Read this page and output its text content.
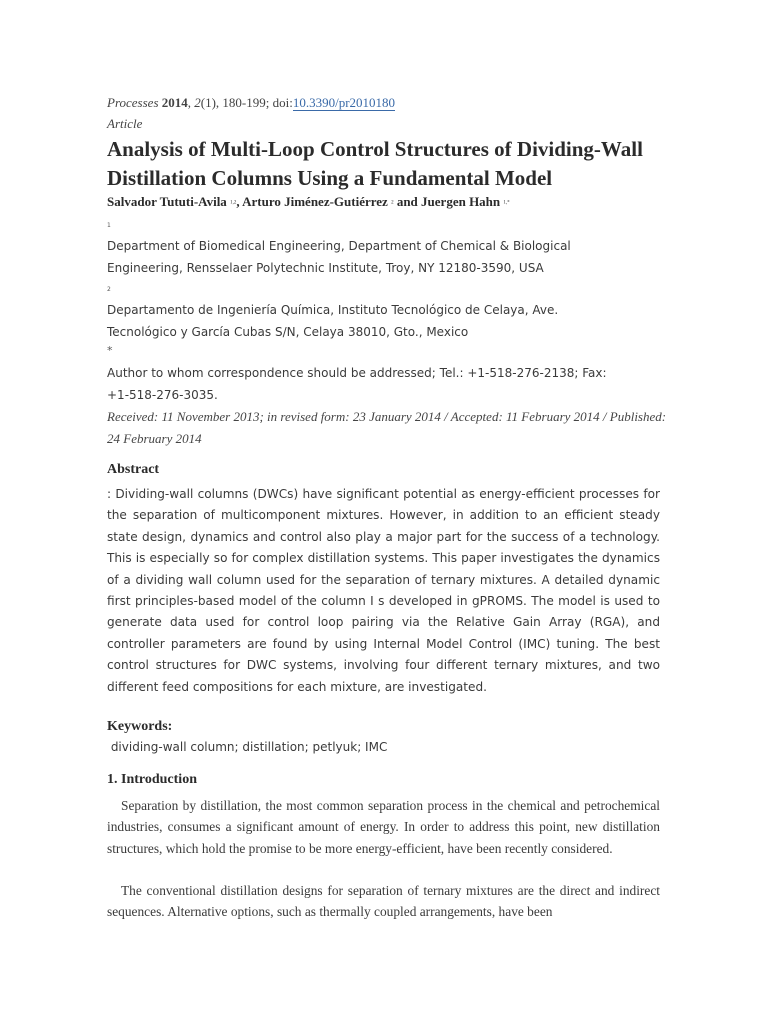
Processes 2014, 2(1), 180-199; doi:10.3390/pr2010180
Article
Analysis of Multi-Loop Control Structures of Dividing-Wall Distillation Columns Using a Fundamental Model
Salvador Tututi-Avila 1,2, Arturo Jiménez-Gutiérrez 2 and Juergen Hahn 1,*
1
Department of Biomedical Engineering, Department of Chemical & Biological Engineering, Rensselaer Polytechnic Institute, Troy, NY 12180-3590, USA
2
Departamento de Ingeniería Química, Instituto Tecnológico de Celaya, Ave. Tecnológico y García Cubas S/N, Celaya 38010, Gto., Mexico
*
Author to whom correspondence should be addressed; Tel.: +1-518-276-2138; Fax: +1-518-276-3035.
Received: 11 November 2013; in revised form: 23 January 2014 / Accepted: 11 February 2014 / Published: 24 February 2014
Abstract

: Dividing-wall columns (DWCs) have significant potential as energy-efficient processes for the separation of multicomponent mixtures. However, in addition to an efficient steady state design, dynamics and control also play a major part for the success of a technology. This is especially so for complex distillation systems. This paper investigates the dynamics of a dividing wall column used for the separation of ternary mixtures. A detailed dynamic first principles-based model of the column I s developed in gPROMS. The model is used to generate data used for control loop pairing via the Relative Gain Array (RGA), and controller parameters are found by using Internal Model Control (IMC) tuning. The best control structures for DWC systems, involving four different ternary mixtures, and two different feed compositions for each mixture, are investigated.

Keywords:
dividing-wall column; distillation; petlyuk; IMC
1. Introduction

Separation by distillation, the most common separation process in the chemical and petrochemical industries, consumes a significant amount of energy. In order to address this point, new distillation structures, which hold the promise to be more energy-efficient, have been recently considered.

The conventional distillation designs for separation of ternary mixtures are the direct and indirect sequences. Alternative options, such as thermally coupled arrangements, have been
